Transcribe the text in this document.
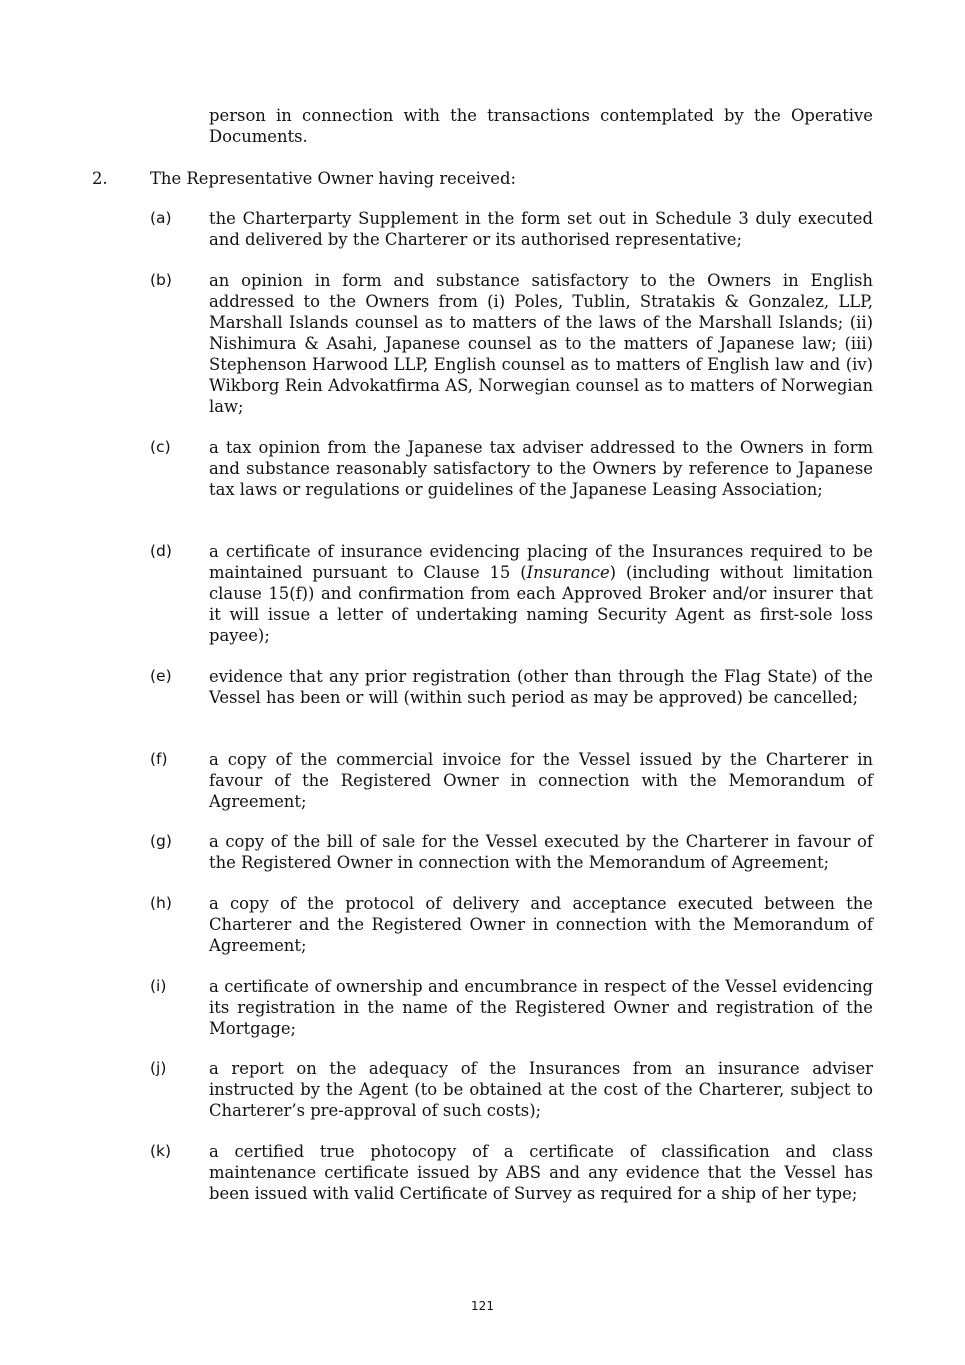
person in connection with the transactions contemplated by the Operative Documents.

2.	The Representative Owner having received:

(a) the Charterparty Supplement in the form set out in Schedule 3 duly executed and delivered by the Charterer or its authorised representative;

(b) an opinion in form and substance satisfactory to the Owners in English addressed to the Owners from (i) Poles, Tublin, Stratakis & Gonzalez, LLP, Marshall Islands counsel as to matters of the laws of the Marshall Islands; (ii) Nishimura & Asahi, Japanese counsel as to the matters of Japanese law; (iii) Stephenson Harwood LLP, English counsel as to matters of English law and (iv) Wikborg Rein Advokatfirma AS, Norwegian counsel as to matters of Norwegian law;

(c) a tax opinion from the Japanese tax adviser addressed to the Owners in form and substance reasonably satisfactory to the Owners by reference to Japanese tax laws or regulations or guidelines of the Japanese Leasing Association;

(d) a certificate of insurance evidencing placing of the Insurances required to be maintained pursuant to Clause 15 (Insurance) (including without limitation clause 15(f)) and confirmation from each Approved Broker and/or insurer that it will issue a letter of undertaking naming Security Agent as first-sole loss payee);

(e) evidence that any prior registration (other than through the Flag State) of the Vessel has been or will (within such period as may be approved) be cancelled;

(f)	a copy of the commercial invoice for the Vessel issued by the Charterer in favour of the Registered Owner in connection with the Memorandum of Agreement;

(g) a copy of the bill of sale for the Vessel executed by the Charterer in favour of the Registered Owner in connection with the Memorandum of Agreement;

(h) a copy of the protocol of delivery and acceptance executed between the Charterer and the Registered Owner in connection with the Memorandum of Agreement;

(i)	a certificate of ownership and encumbrance in respect of the Vessel evidencing its registration in the name of the Registered Owner and registration of the Mortgage;

(j)	a report on the adequacy of the Insurances from an insurance adviser instructed by the Agent (to be obtained at the cost of the Charterer, subject to Charterer’s pre-approval of such costs);

(k) a certified true photocopy of a certificate of classification and class maintenance certificate issued by ABS and any evidence that the Vessel has been issued with valid Certificate of Survey as required for a ship of her type;

121
